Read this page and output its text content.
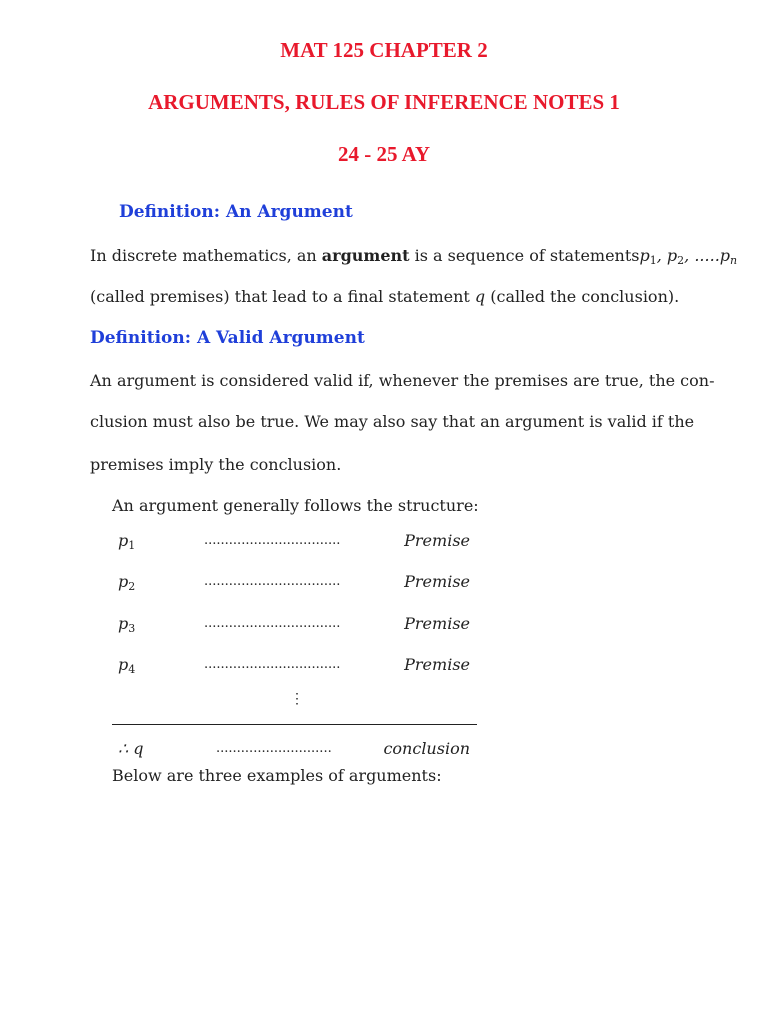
MAT 125 CHAPTER 2
ARGUMENTS, RULES OF INFERENCE NOTES 1
24 - 25 AY
Definition: An Argument
In discrete mathematics, an argument is a sequence of statementsp$_1$, $p_2$, $.....p_n$
(called premises) that lead to a final statement q (called the conclusion).
Definition: A Valid Argument
An argument is considered valid if, whenever the premises are true, the con-
clusion must also be true. We may also say that an argument is valid if the
premises imply the conclusion.
An argument generally follows the structure:
$p_1$	.................................	Premise
$p_2$	.................................	Premise
$p_3$	.................................	Premise
$p_4$	.................................	Premise
⋮
∴ q	............................	conclusion
Below are three examples of arguments:
